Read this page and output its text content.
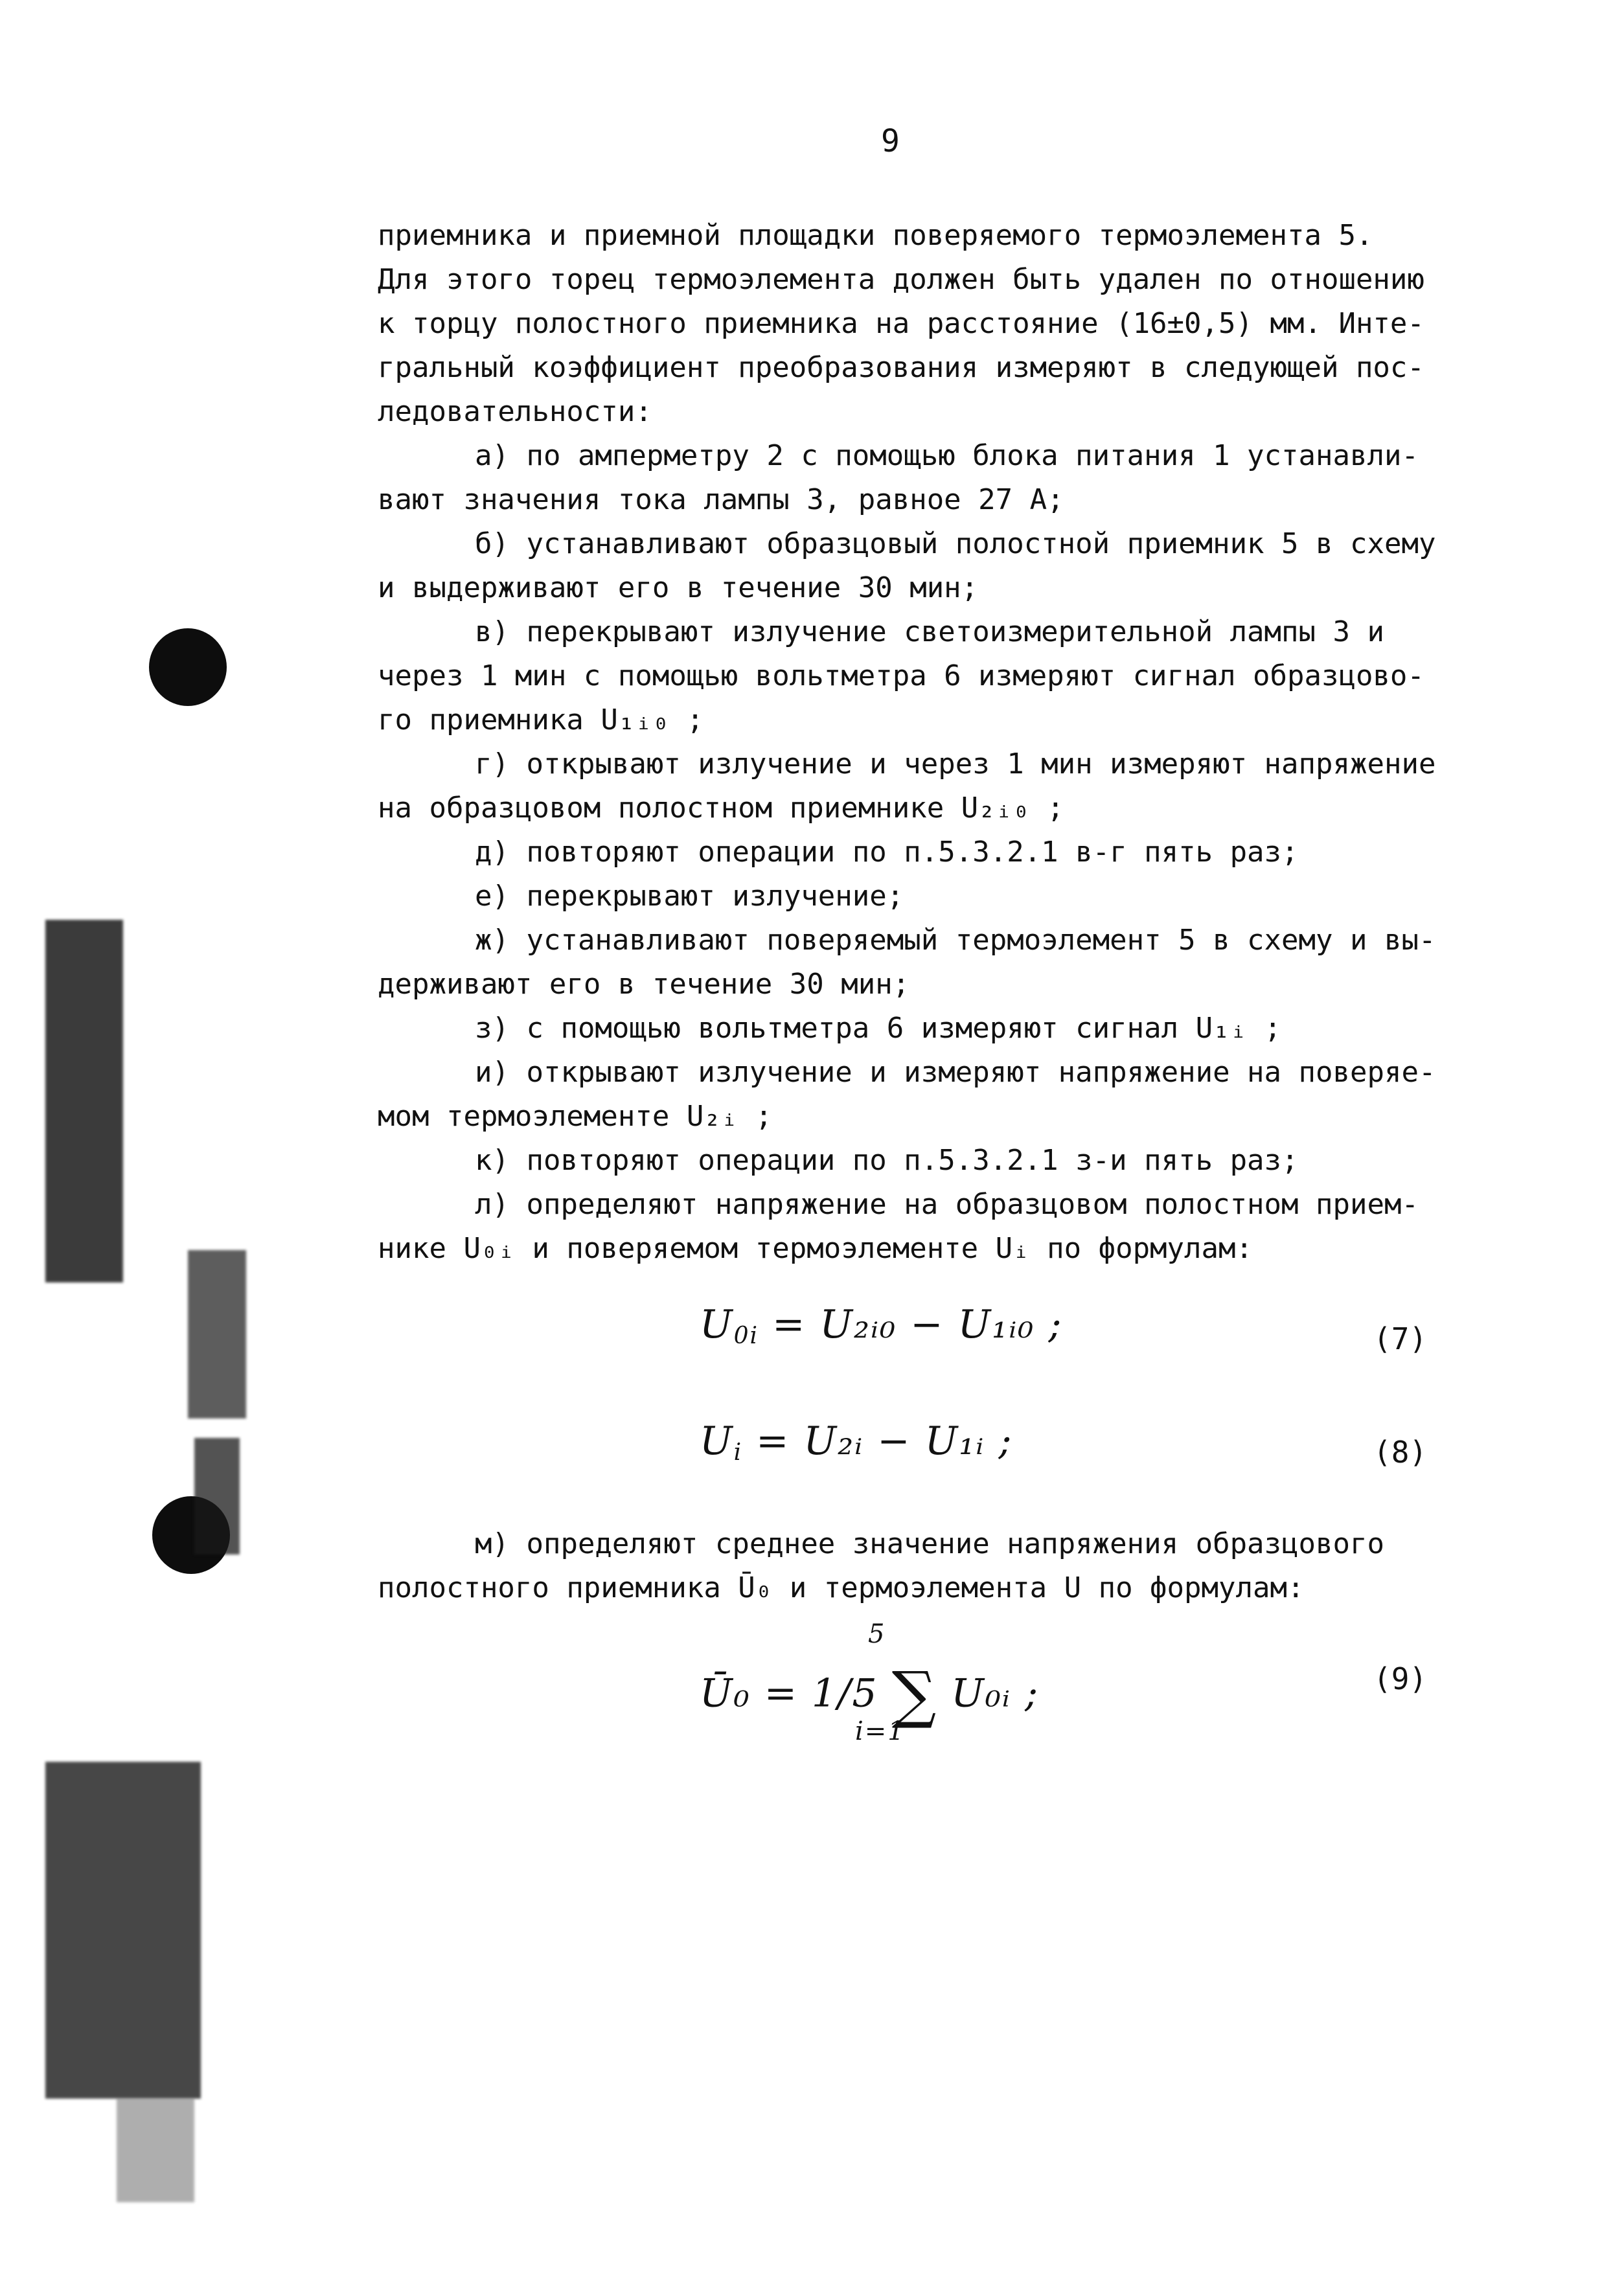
9
приемника и приемной площадки поверяемого термоэлемента 5.
Для этого торец термоэлемента должен быть удален по отношению
к торцу полостного приемника на расстояние (16±0,5) мм. Инте-
гральный коэффициент преобразования измеряют в следующей пос-
ледовательности:
а) по амперметру 2 с помощью блока питания 1 устанавли-
вают значения тока лампы 3, равное 27 А;
б) устанавливают образцовый полостной приемник 5 в схему
и выдерживают его в течение 30 мин;
в) перекрывают излучение светоизмерительной лампы 3 и
через 1 мин с помощью вольтметра 6 измеряют сигнал образцово-
го приемника U₁ᵢ₀ ;
г) открывают излучение и через 1 мин измеряют напряжение
на образцовом полостном приемнике U₂ᵢ₀ ;
д) повторяют операции по п.5.3.2.1 в-г пять раз;
е) перекрывают излучение;
ж) устанавливают поверяемый термоэлемент 5 в схему и вы-
держивают его в течение 30 мин;
з) с помощью вольтметра 6 измеряют сигнал U₁ᵢ ;
и) открывают излучение и измеряют напряжение на поверяе-
мом термоэлементе U₂ᵢ ;
к) повторяют операции по п.5.3.2.1 з-и пять раз;
л) определяют напряжение на образцовом полостном прием-
нике U₀ᵢ и поверяемом термоэлементе Uᵢ по формулам:
$U_{0i}$ = U₂ᵢ₀ − U₁ᵢ₀ ;	(7)
$U_i$ = U₂ᵢ − U₁ᵢ ;	(8)
м) определяют среднее значение напряжения образцового
полостного приемника Ū₀ и термоэлемента U по формулам:
Ū₀ = 1/5 ∑ U₀ᵢ ;
5
i=1
(9)
